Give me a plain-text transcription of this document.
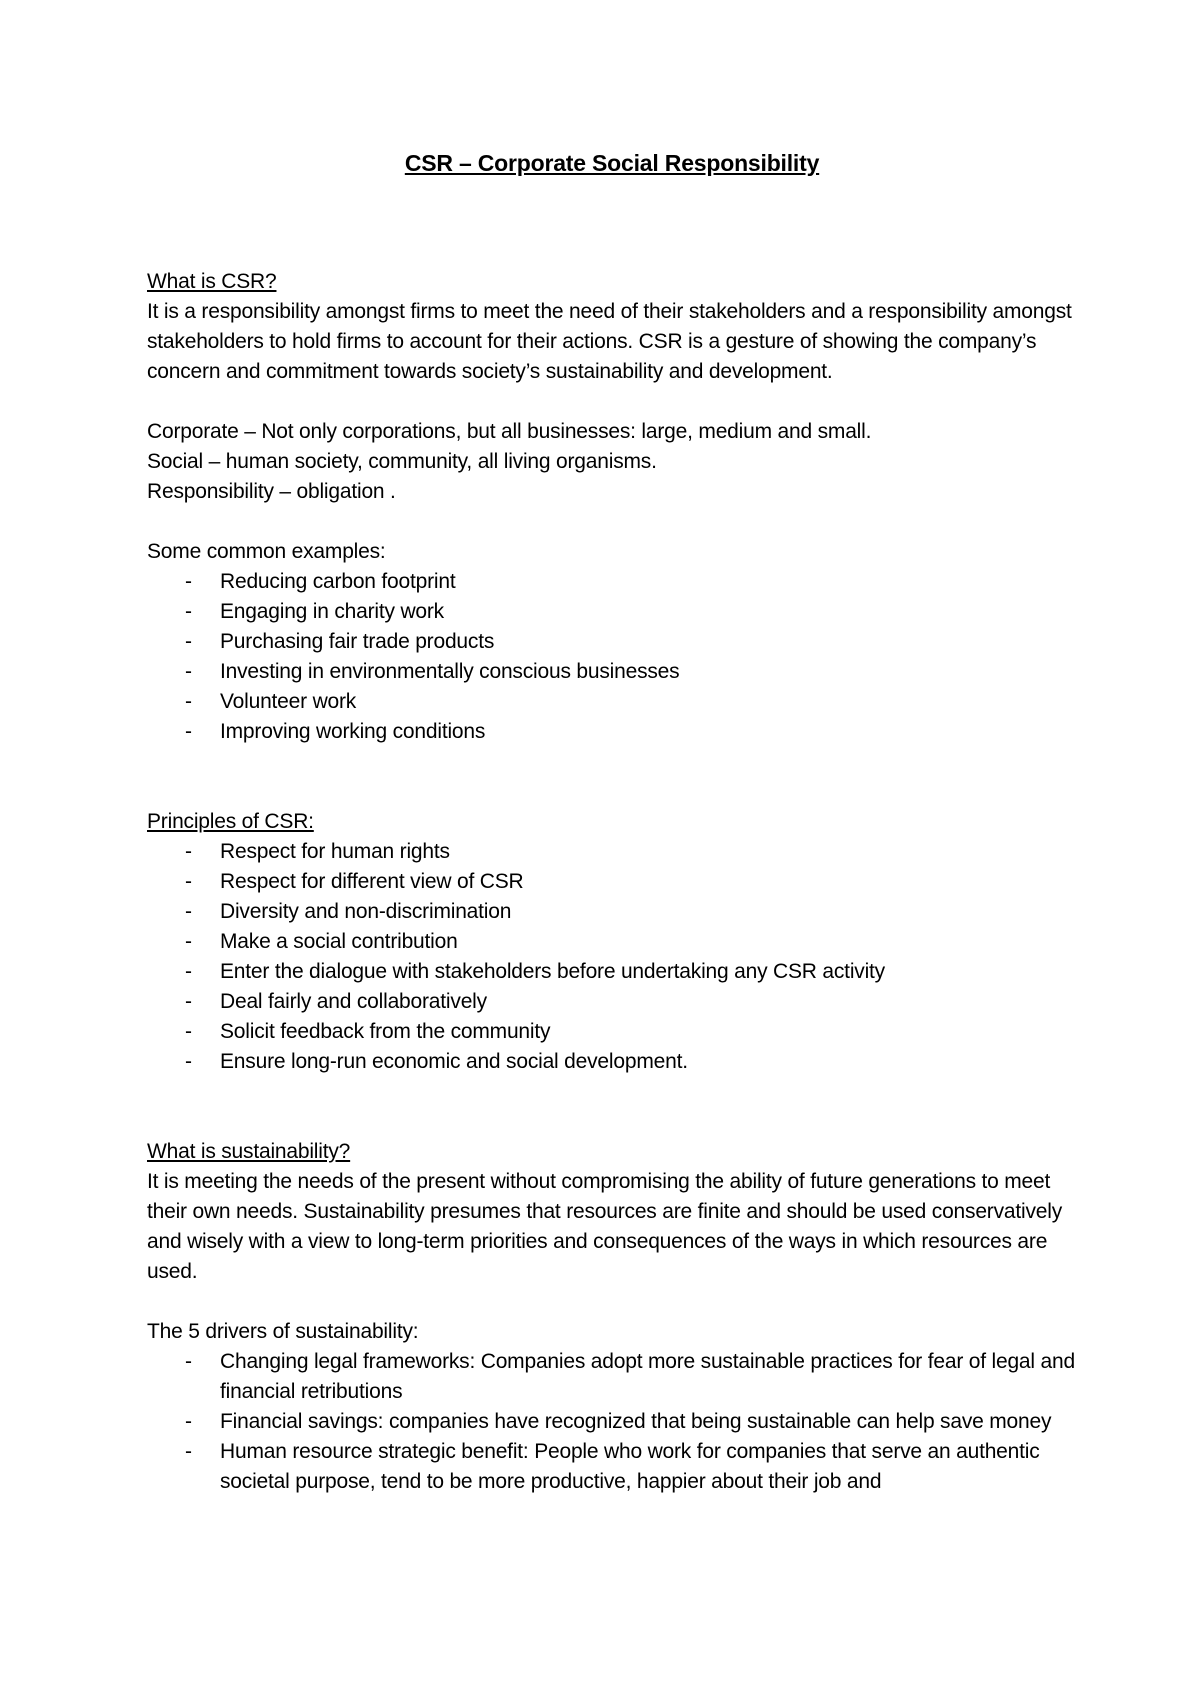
CSR – Corporate Social Responsibility

What is CSR?

It is a responsibility amongst firms to meet the need of their stakeholders and a responsibility amongst stakeholders to hold firms to account for their actions. CSR is a gesture of showing the company’s concern and commitment towards society’s sustainability and development.

Corporate – Not only corporations, but all businesses: large, medium and small.

Social – human society, community, all living organisms.

Responsibility – obligation .

Some common examples:

- Reducing carbon footprint
- Engaging in charity work
- Purchasing fair trade products
- Investing in environmentally conscious businesses
- Volunteer work
- Improving working conditions

Principles of CSR:

- Respect for human rights
- Respect for different view of CSR
- Diversity and non-discrimination
- Make a social contribution
- Enter the dialogue with stakeholders before undertaking any CSR activity
- Deal fairly and collaboratively
- Solicit feedback from the community
- Ensure long-run economic and social development.

What is sustainability?

It is meeting the needs of the present without compromising the ability of future generations to meet their own needs. Sustainability presumes that resources are finite and should be used conservatively and wisely with a view to long-term priorities and consequences of the ways in which resources are used.

The 5 drivers of sustainability:

- Changing legal frameworks: Companies adopt more sustainable practices for fear of legal and financial retributions
- Financial savings: companies have recognized that being sustainable can help save money
- Human resource strategic benefit: People who work for companies that serve an authentic societal purpose, tend to be more productive, happier about their job and
